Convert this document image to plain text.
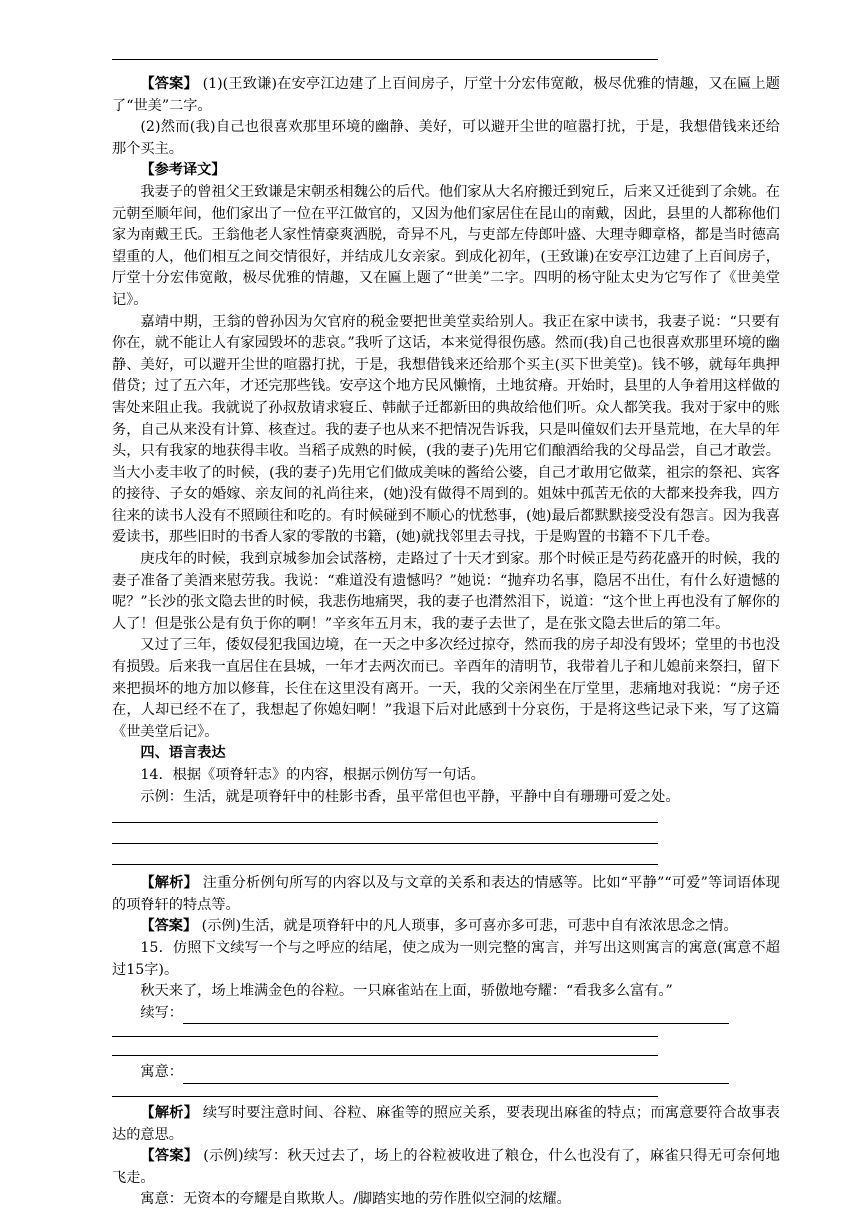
【答案】 (1)(王致谦)在安亭江边建了上百间房子，厅堂十分宏伟宽敞，极尽优雅的情趣，又在匾上题了“世美”二字。

(2)然而(我)自己也很喜欢那里环境的幽静、美好，可以避开尘世的喧嚣打扰，于是，我想借钱来还给那个买主。

【参考译文】

我妻子的曾祖父王致谦是宋朝丞相魏公的后代。他们家从大名府搬迁到宛丘，后来又迁徙到了余姚。在元朝至顺年间，他们家出了一位在平江做官的，又因为他们家居住在昆山的南戴，因此，县里的人都称他们家为南戴王氏。王翁他老人家性情豪爽洒脱，奇异不凡，与吏部左侍郎叶盛、大理寺卿章格，都是当时德高望重的人，他们相互之间交情很好，并结成儿女亲家。到成化初年，(王致谦)在安亭江边建了上百间房子，厅堂十分宏伟宽敞，极尽优雅的情趣，又在匾上题了“世美”二字。四明的杨守阯太史为它写作了《世美堂记》。

嘉靖中期，王翁的曾孙因为欠官府的税金要把世美堂卖给别人。我正在家中读书，我妻子说：“只要有你在，就不能让人有家园毁坏的悲哀。”我听了这话，本来觉得很伤感。然而(我)自己也很喜欢那里环境的幽静、美好，可以避开尘世的喧嚣打扰，于是，我想借钱来还给那个买主(买下世美堂)。钱不够，就每年典押借贷；过了五六年，才还完那些钱。安亭这个地方民风懒惰，土地贫瘠。开始时，县里的人争着用这样做的害处来阻止我。我就说了孙叔敖请求寝丘、韩献子迁都新田的典故给他们听。众人都笑我。我对于家中的账务，自己从来没有计算、核查过。我的妻子也从来不把情况告诉我，只是叫僮奴们去开垦荒地，在大旱的年头，只有我家的地获得丰收。当稻子成熟的时候，(我的妻子)先用它们酿酒给我的父母品尝，自己才敢尝。当大小麦丰收了的时候，(我的妻子)先用它们做成美味的酱给公婆，自己才敢用它做菜，祖宗的祭祀、宾客的接待、子女的婚嫁、亲友间的礼尚往来，(她)没有做得不周到的。姐妹中孤苦无依的大都来投奔我，四方往来的读书人没有不照顾往和吃的。有时候碰到不顺心的忧愁事，(她)最后都默默接受没有怨言。因为我喜爱读书，那些旧时的书香人家的零散的书籍，(她)就找邻里去寻找，于是购置的书籍不下几千卷。

庚戌年的时候，我到京城参加会试落榜，走路过了十天才到家。那个时候正是芍药花盛开的时候，我的妻子准备了美酒来慰劳我。我说：“难道没有遗憾吗？”她说：“抛弃功名事，隐居不出仕，有什么好遗憾的呢？”长沙的张文隐去世的时候，我悲伤地痛哭，我的妻子也潸然泪下，说道：“这个世上再也没有了解你的人了！但是张公是有负于你的啊！”辛亥年五月末，我的妻子去世了，是在张文隐去世后的第二年。

又过了三年，倭奴侵犯我国边境，在一天之中多次经过掠夺，然而我的房子却没有毁坏；堂里的书也没有损毁。后来我一直居住在县城，一年才去两次而已。辛酉年的清明节，我带着儿子和儿媳前来祭扫，留下来把损坏的地方加以修葺，长住在这里没有离开。一天，我的父亲闲坐在厅堂里，悲痛地对我说：“房子还在，人却已经不在了，我想起了你媳妇啊！”我退下后对此感到十分哀伤，于是将这些记录下来，写了这篇《世美堂后记》。

四、语言表达

14．根据《项脊轩志》的内容，根据示例仿写一句话。

示例：生活，就是项脊轩中的桂影书香，虽平常但也平静，平静中自有珊珊可爱之处。

【解析】 注重分析例句所写的内容以及与文章的关系和表达的情感等。比如“平静”“可爱”等词语体现的项脊轩的特点等。

【答案】 (示例)生活，就是项脊轩中的凡人琐事，多可喜亦多可悲，可悲中自有浓浓思念之情。

15．仿照下文续写一个与之呼应的结尾，使之成为一则完整的寓言，并写出这则寓言的寓意(寓意不超过15字)。

秋天来了，场上堆满金色的谷粒。一只麻雀站在上面，骄傲地夸耀：“看我多么富有。”

续写：

寓意：

【解析】 续写时要注意时间、谷粒、麻雀等的照应关系，要表现出麻雀的特点；而寓意要符合故事表达的意思。

【答案】 (示例)续写：秋天过去了，场上的谷粒被收进了粮仓，什么也没有了，麻雀只得无可奈何地飞走。

寓意：无资本的夸耀是自欺欺人。/脚踏实地的劳作胜似空洞的炫耀。
